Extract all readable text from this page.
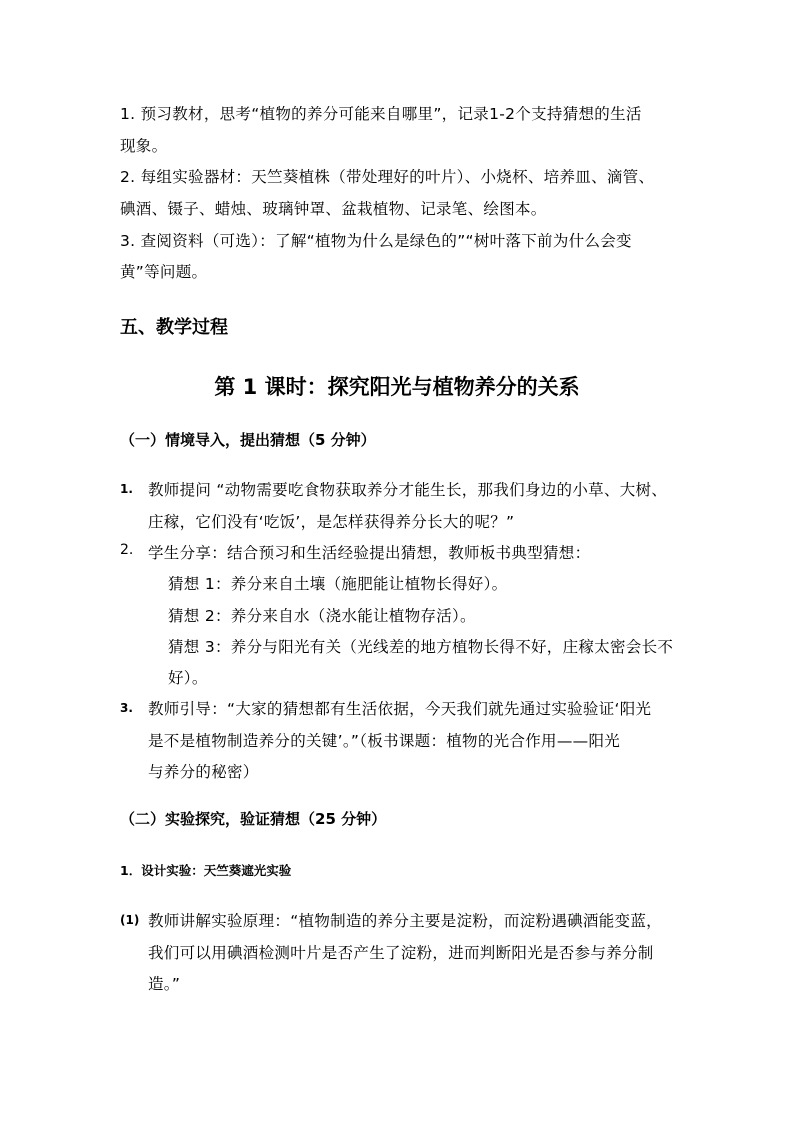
1. 预习教材，思考“植物的养分可能来自哪里”，记录1-2个支持猜想的生活
现象。
2. 每组实验器材：天竺葵植株（带处理好的叶片）、小烧杯、培养皿、滴管、
碘酒、镊子、蜡烛、玻璃钟罩、盆栽植物、记录笔、绘图本。
3. 查阅资料（可选）：了解“植物为什么是绿色的”“树叶落下前为什么会变
黄”等问题。
五、教学过程
第 1 课时：探究阳光与植物养分的关系
（一）情境导入，提出猜想（5 分钟）
1. 教师提问 “动物需要吃食物获取养分才能生长，那我们身边的小草、大树、
庄稼，它们没有‘吃饭’，是怎样获得养分长大的呢？”
2. 学生分享：结合预习和生活经验提出猜想，教师板书典型猜想：
猜想 1：养分来自土壤（施肥能让植物长得好）。
猜想 2：养分来自水（浇水能让植物存活）。
猜想 3：养分与阳光有关（光线差的地方植物长得不好，庄稼太密会长不
好）。
3. 教师引导：“大家的猜想都有生活依据，今天我们就先通过实验验证‘阳光
是不是植物制造养分的关键’。”（板书课题：植物的光合作用——阳光
与养分的秘密）
（二）实验探究，验证猜想（25 分钟）
1．设计实验：天竺葵遮光实验
(1) 教师讲解实验原理：“植物制造的养分主要是淀粉，而淀粉遇碘酒能变蓝，
我们可以用碘酒检测叶片是否产生了淀粉，进而判断阳光是否参与养分制
造。”
